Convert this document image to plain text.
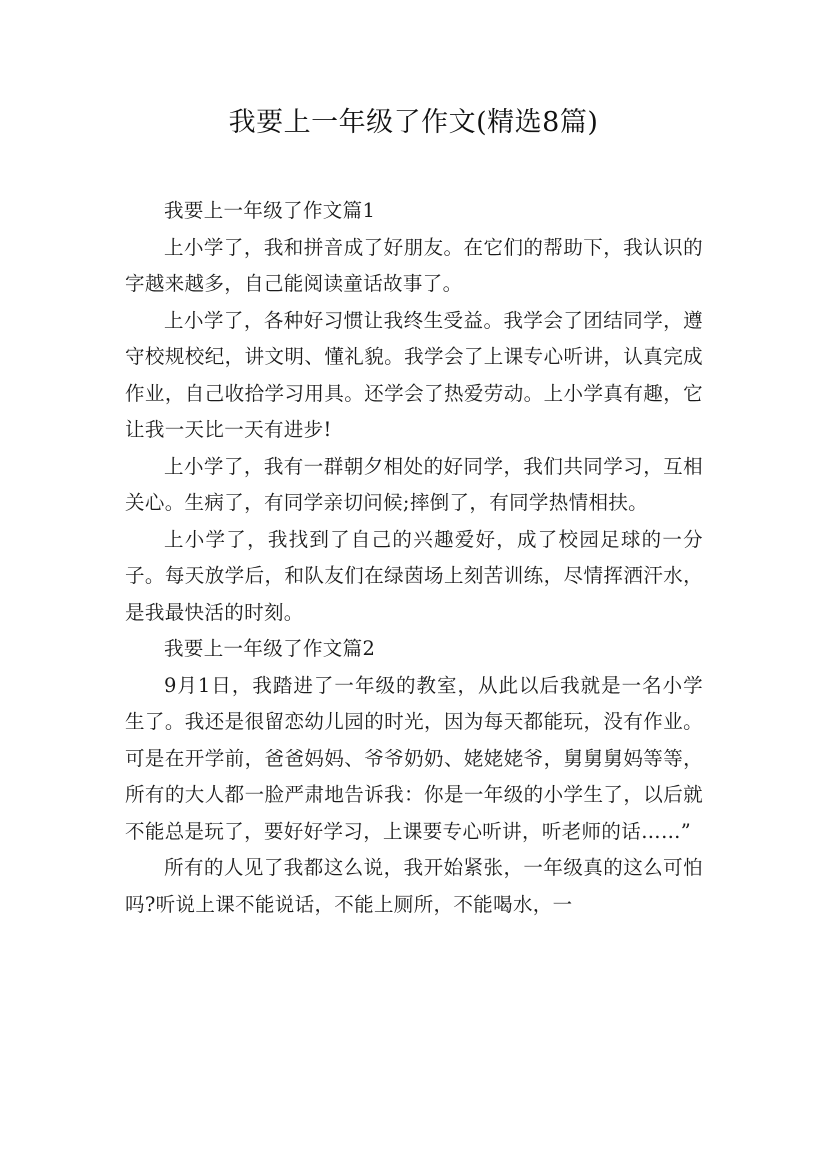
我要上一年级了作文(精选8篇)

我要上一年级了作文篇1

上小学了，我和拼音成了好朋友。在它们的帮助下，我认识的字越来越多，自己能阅读童话故事了。

上小学了，各种好习惯让我终生受益。我学会了团结同学，遵守校规校纪，讲文明、懂礼貌。我学会了上课专心听讲，认真完成作业，自己收拾学习用具。还学会了热爱劳动。上小学真有趣，它让我一天比一天有进步!

上小学了，我有一群朝夕相处的好同学，我们共同学习，互相关心。生病了，有同学亲切问候;摔倒了，有同学热情相扶。

上小学了，我找到了自己的兴趣爱好，成了校园足球的一分子。每天放学后，和队友们在绿茵场上刻苦训练，尽情挥洒汗水，是我最快活的时刻。

我要上一年级了作文篇2

9月1日，我踏进了一年级的教室，从此以后我就是一名小学生了。我还是很留恋幼儿园的时光，因为每天都能玩，没有作业。可是在开学前，爸爸妈妈、爷爷奶奶、姥姥姥爷，舅舅舅妈等等，所有的大人都一脸严肃地告诉我：你是一年级的小学生了，以后就不能总是玩了，要好好学习，上课要专心听讲，听老师的话……”

所有的人见了我都这么说，我开始紧张，一年级真的这么可怕吗?听说上课不能说话，不能上厕所，不能喝水，一
